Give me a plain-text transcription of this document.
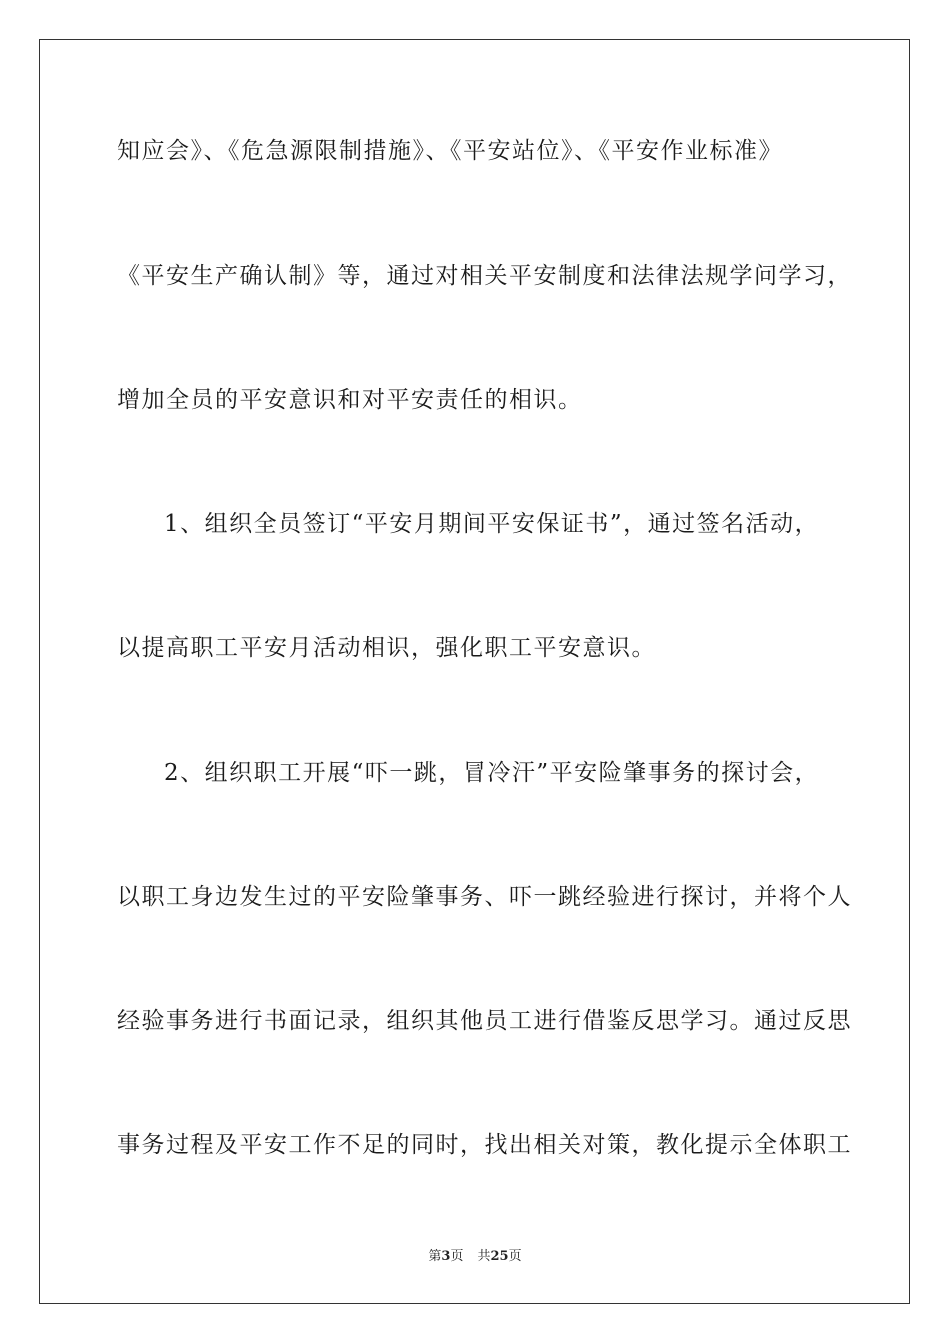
知应会》、《危急源限制措施》、《平安站位》、《平安作业标准》
《平安生产确认制》等，通过对相关平安制度和法律法规学问学习，
增加全员的平安意识和对平安责任的相识。
1、组织全员签订“平安月期间平安保证书”，通过签名活动，
以提高职工平安月活动相识，强化职工平安意识。
2、组织职工开展“吓一跳，冒冷汗”平安险肇事务的探讨会，
以职工身边发生过的平安险肇事务、吓一跳经验进行探讨，并将个人
经验事务进行书面记录，组织其他员工进行借鉴反思学习。通过反思
事务过程及平安工作不足的同时，找出相关对策，教化提示全体职工
第3页 共25页
